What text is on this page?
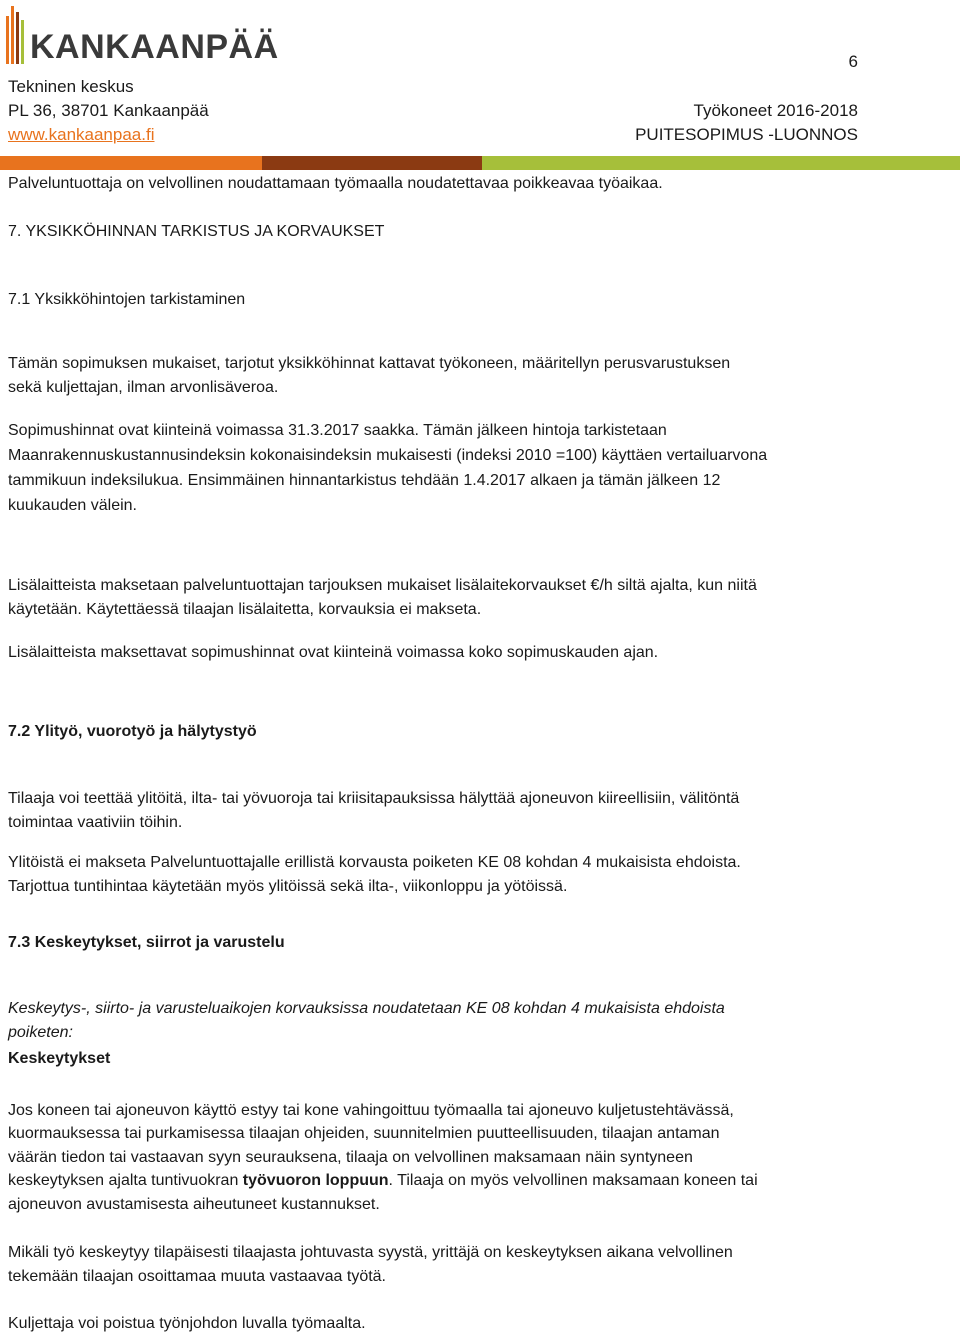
KANKAANPÄÄ
Tekninen keskus
PL 36, 38701 Kankaanpää
www.kankaanpaa.fi
6
Työkoneet 2016-2018
PUITESOPIMUS -LUONNOS
Palveluntuottaja on velvollinen noudattamaan työmaalla noudatettavaa poikkeavaa työaikaa.
7. YKSIKKÖHINNAN TARKISTUS JA KORVAUKSET
7.1 Yksikköhintojen tarkistaminen
Tämän sopimuksen mukaiset, tarjotut yksikköhinnat kattavat työkoneen, määritellyn perusvarustuksen
sekä kuljettajan, ilman arvonlisäveroa.
Sopimushinnat ovat kiinteinä voimassa 31.3.2017 saakka. Tämän jälkeen hintoja tarkistetaan
Maanrakennuskustannusindeksin kokonaisindeksin mukaisesti (indeksi 2010 =100) käyttäen vertailuarvona
tammikuun indeksilukua. Ensimmäinen hinnantarkistus tehdään 1.4.2017 alkaen ja tämän jälkeen 12
kuukauden välein.
Lisälaitteista maksetaan palveluntuottajan tarjouksen mukaiset lisälaitekorvaukset €/h siltä ajalta, kun niitä
käytetään. Käytettäessä tilaajan lisälaitetta, korvauksia ei makseta.
Lisälaitteista maksettavat sopimushinnat ovat kiinteinä voimassa koko sopimuskauden ajan.
7.2 Ylityö, vuorotyö ja hälytystyö
Tilaaja voi teettää ylitöitä, ilta- tai yövuoroja tai kriisitapauksissa hälyttää ajoneuvon kiireellisiin, välitöntä
toimintaa vaativiin töihin.
Ylitöistä ei makseta Palveluntuottajalle erillistä korvausta poiketen KE 08 kohdan 4 mukaisista ehdoista.
Tarjottua tuntihintaa käytetään myös ylitöissä sekä ilta-, viikonloppu ja yötöissä.
7.3 Keskeytykset, siirrot ja varustelu
Keskeytys-, siirto- ja varusteluaikojen korvauksissa noudatetaan KE 08 kohdan 4 mukaisista ehdoista
poiketen:
Keskeytykset
Jos koneen tai ajoneuvon käyttö estyy tai kone vahingoittuu työmaalla tai ajoneuvo kuljetustehtävässä,
kuormauksessa tai purkamisessa tilaajan ohjeiden, suunnitelmien puutteellisuuden, tilaajan antaman
väärän tiedon tai vastaavan syyn seurauksena, tilaaja on velvollinen maksamaan näin syntyneen
keskeytyksen ajalta tuntivuokran työvuoron loppuun. Tilaaja on myös velvollinen maksamaan koneen tai
ajoneuvon avustamisesta aiheutuneet kustannukset.
Mikäli työ keskeytyy tilapäisesti tilaajasta johtuvasta syystä, yrittäjä on keskeytyksen aikana velvollinen
tekemään tilaajan osoittamaa muuta vastaavaa työtä.
Kuljettaja voi poistua työnjohdon luvalla työmaalta.
